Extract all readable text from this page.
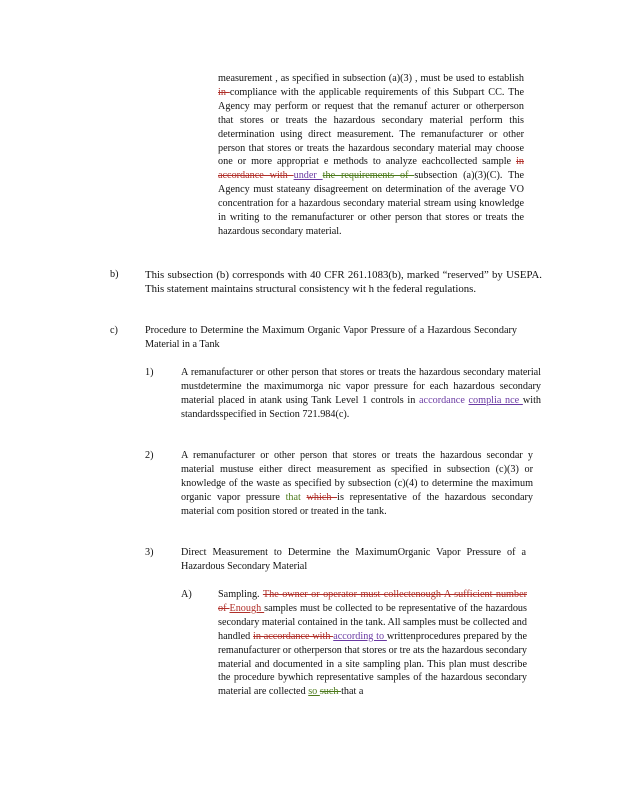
measurement , as specified in subsection (a)(3) , must be used to establish in compliance with the applicable requirements of this Subpart CC. The Agency may perform or request that the remanuf acturer or otherperson that stores or treats the hazardous secondary material perform this determination using direct measurement. The remanufacturer or other person that stores or treats the hazardous secondary material may choose one or more appropriat e methods to analyze eachcollected sample in accordance with under the requirements of subsection (a)(3)(C). The Agency must stateany disagreement on determination of the average VO concentration for a hazardous secondary material stream using knowledge in writing to the remanufacturer or other person that stores or treats the hazardous secondary material.
b) This subsection (b) corresponds with 40 CFR 261.1083(b), marked “reserved” by USEPA. This statement maintains structural consistency wit h the federal regulations.
c)	Procedure to Determine the Maximum Organic Vapor Pressure of a Hazardous Secondary Material in a Tank
1)	A remanufacturer or other person that stores or treats the hazardous secondary material mustdetermine the maximumorga nic vapor pressure for each hazardous secondary material placed in atank using Tank Level 1 controls in accordance complia nce with standardsspecified in Section 721.984(c).
2)	A remanufacturer or other person that stores or treats the hazardous secondar y material mustuse either direct measurement as specified in subsection (c)(3) or knowledge of the waste as specified by subsection (c)(4) to determine the maximum organic vapor pressure that which is representative of the hazardous secondary material com position stored or treated in the tank.
3)	Direct Measurement to Determine the MaximumOrganic Vapor Pressure of a Hazardous Secondary Material
A)	Sampling. The owner or operator must collectenough A sufficient number of Enough samples must be collected to be representative of the hazardous secondary material contained in the tank. All samples must be collected and handled in accordance with according to writtenprocedures prepared by the remanufacturer or otherperson that stores or tre ats the hazardous secondary material and documented in a site sampling plan. This plan must describe the procedure bywhich representative samples of the hazardous secondary material are collected so such that a
